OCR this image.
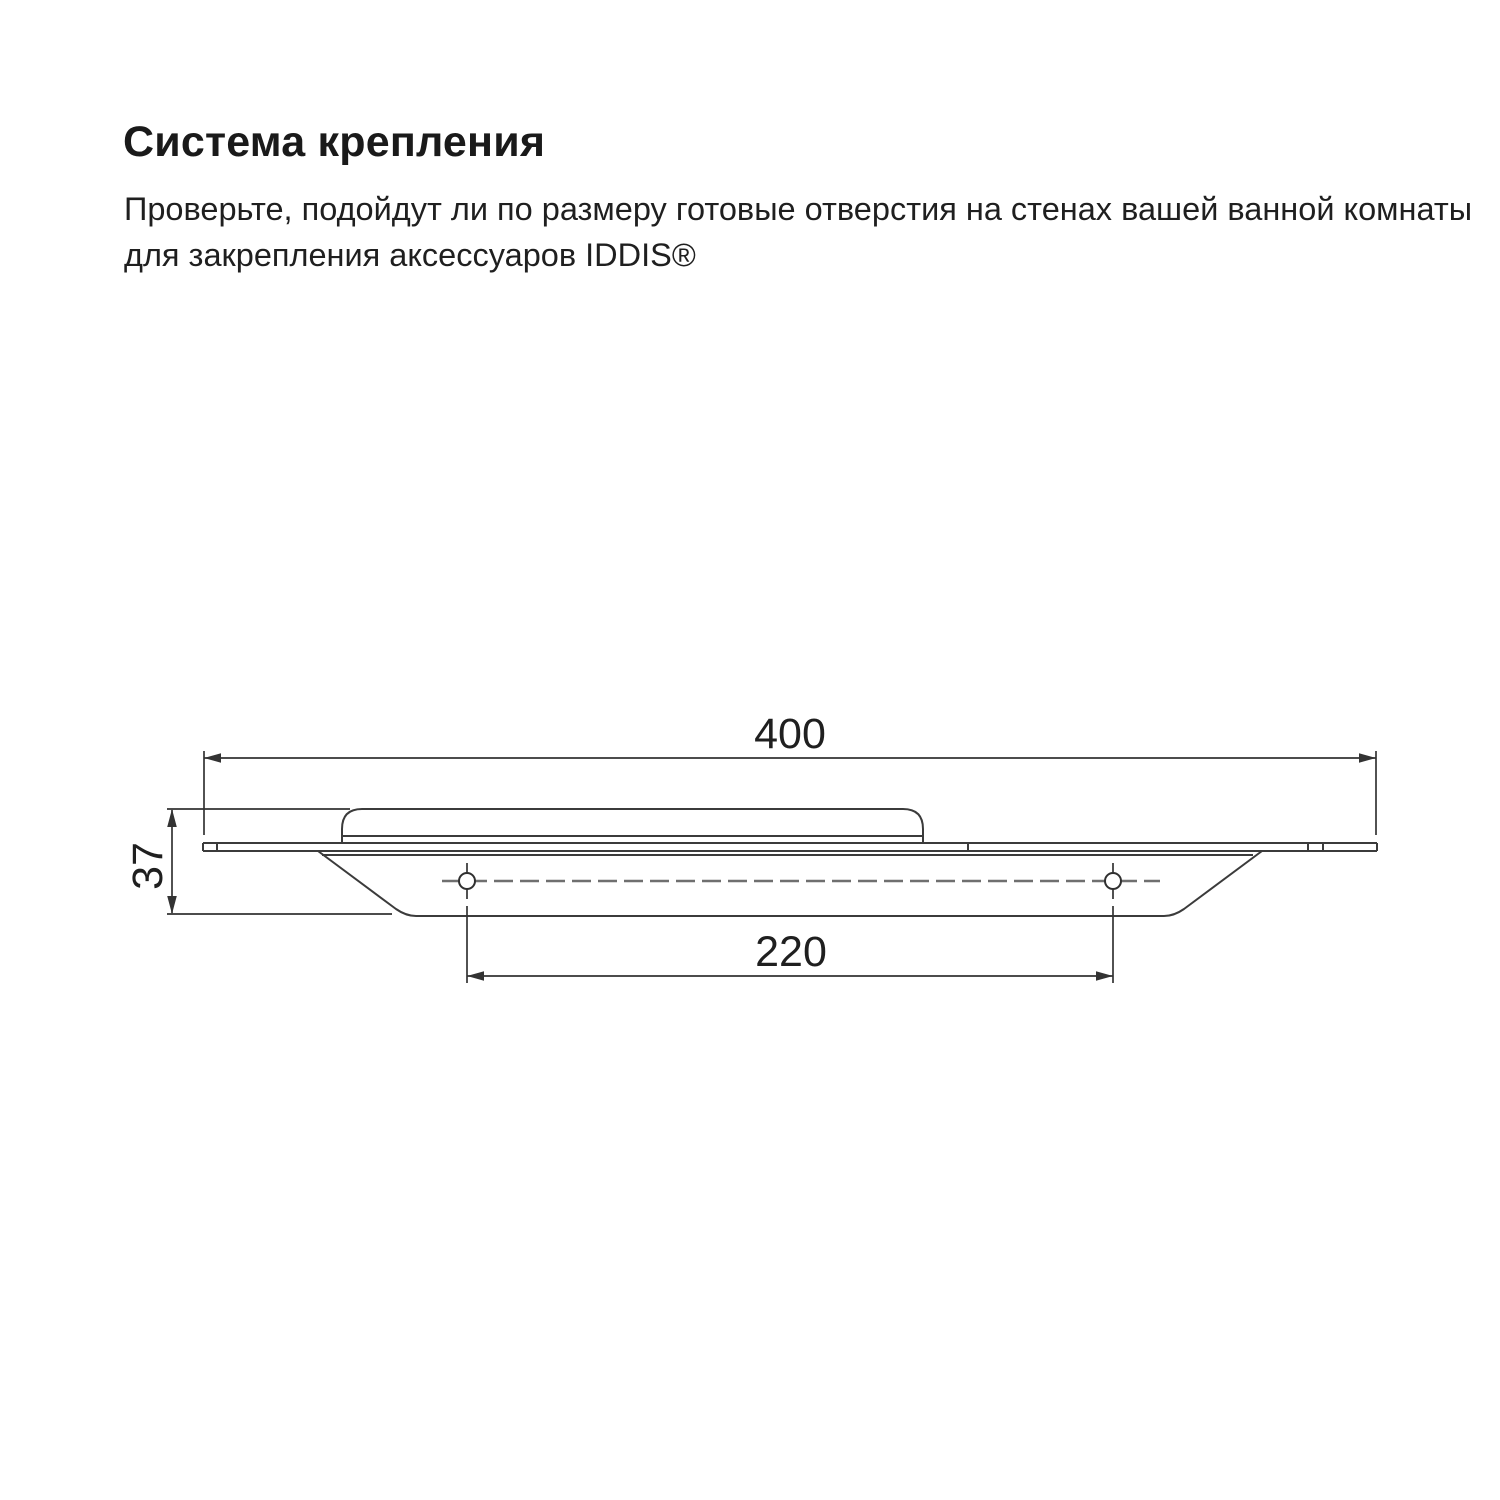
Система крепления

Проверьте, подойдут ли по размеру готовые отверстия на стенах вашей ванной комнаты
для закрепления аксессуаров IDDIS®

400
37
220
